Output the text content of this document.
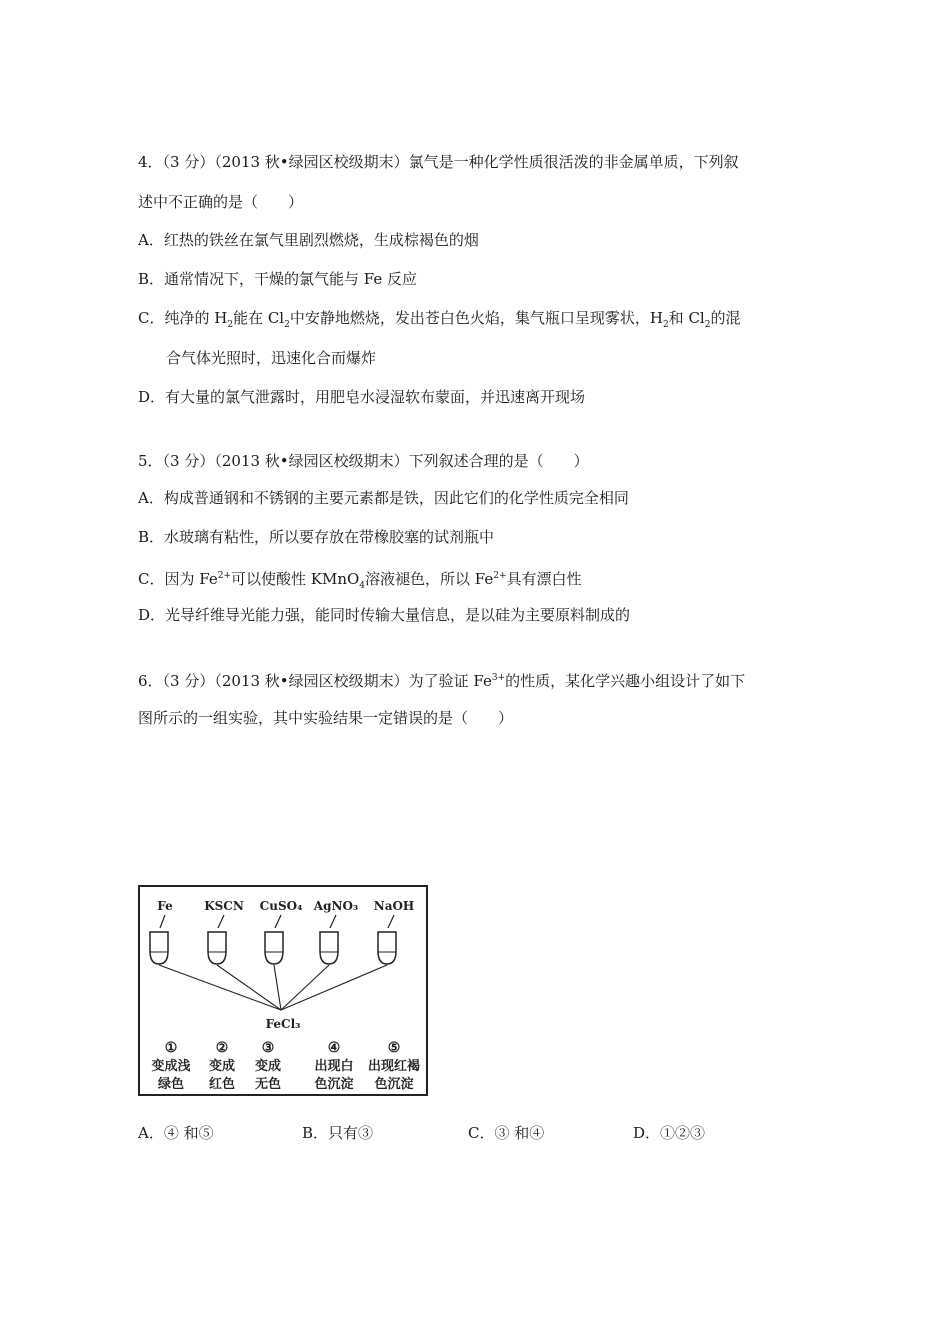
4．（3 分）（2013 秋•绿园区校级期末）氯气是一种化学性质很活泼的非金属单质，下列叙
述中不正确的是（　　）
A．红热的铁丝在氯气里剧烈燃烧，生成棕褐色的烟
B．通常情况下，干燥的氯气能与 Fe 反应
C．纯净的 $H_2$能在 $Cl_2$中安静地燃烧，发出苍白色火焰，集气瓶口呈现雾状，$H_2$和 $Cl_2$的混
合气体光照时，迅速化合而爆炸
D．有大量的氯气泄露时，用肥皂水浸湿软布蒙面，并迅速离开现场
5．（3 分）（2013 秋•绿园区校级期末）下列叙述合理的是（　　）
A．构成普通钢和不锈钢的主要元素都是铁，因此它们的化学性质完全相同
B．水玻璃有粘性，所以要存放在带橡胶塞的试剂瓶中
C．因为 $Fe^{2+}$可以使酸性 KMnO$_4$溶液褪色，所以 $Fe^{2+}$具有漂白性
D．光导纤维导光能力强，能同时传输大量信息，是以硅为主要原料制成的
6．（3 分）（2013 秋•绿园区校级期末）为了验证 $Fe^{3+}$的性质，某化学兴趣小组设计了如下
图所示的一组实验，其中实验结果一定错误的是（　　）
Fe	KSCN CuSO₄ AgNO₃ NaOH
FeCl₃
①	② ③	④	⑤
变成浅 变成 变成	出现白 出现红褐
绿色 红色 无色	色沉淀 色沉淀
A．④ 和⑤	B．只有③	C．③ 和④	D．①②③
